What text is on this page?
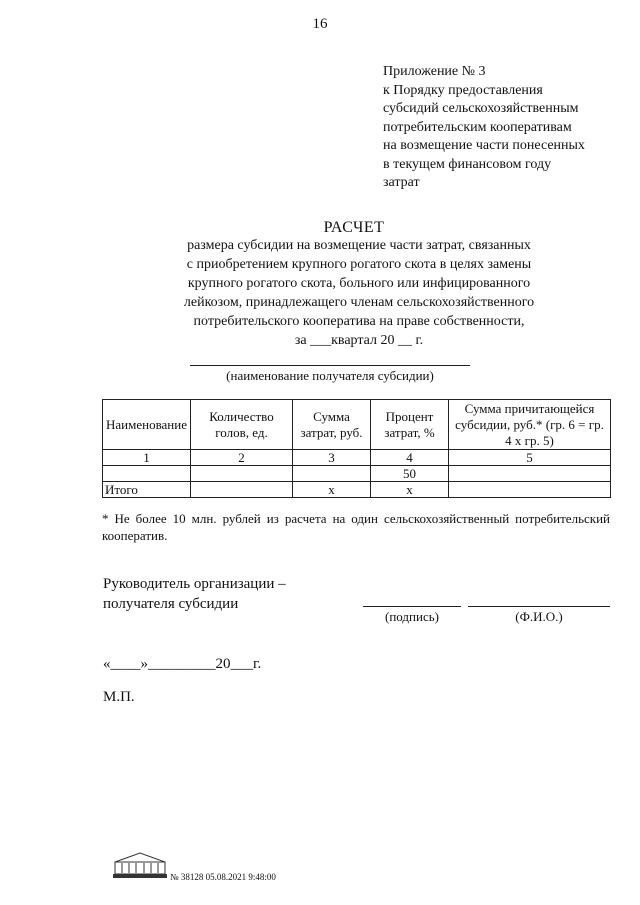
16
Приложение № 3
к Порядку предоставления
субсидий сельскохозяйственным
потребительским кооперативам
на возмещение части понесенных
в текущем финансовом году
затрат
РАСЧЕТ
размера субсидии на возмещение части затрат, связанных
с приобретением крупного рогатого скота в целях замены
крупного рогатого скота, больного или инфицированного
лейкозом, принадлежащего членам сельскохозяйственного
потребительского кооператива на праве собственности,
за ___квартал 20 __ г.
(наименование получателя субсидии)
Наименование	Количество голов, ед.	Сумма затрат, руб.	Процент затрат, %	Сумма причитающейся субсидии, руб.* (гр. 6 = гр. 4 х гр. 5)
1	2	3	4	5
			50	
Итого		х	х	
* Не более 10 млн. рублей из расчета на один сельскохозяйственный потребительский кооператив.
Руководитель организации –
получателя субсидии
(подпись)	(Ф.И.О.)
«____»_________20___г.
М.П.
№ 38128 05.08.2021 9:48:00
